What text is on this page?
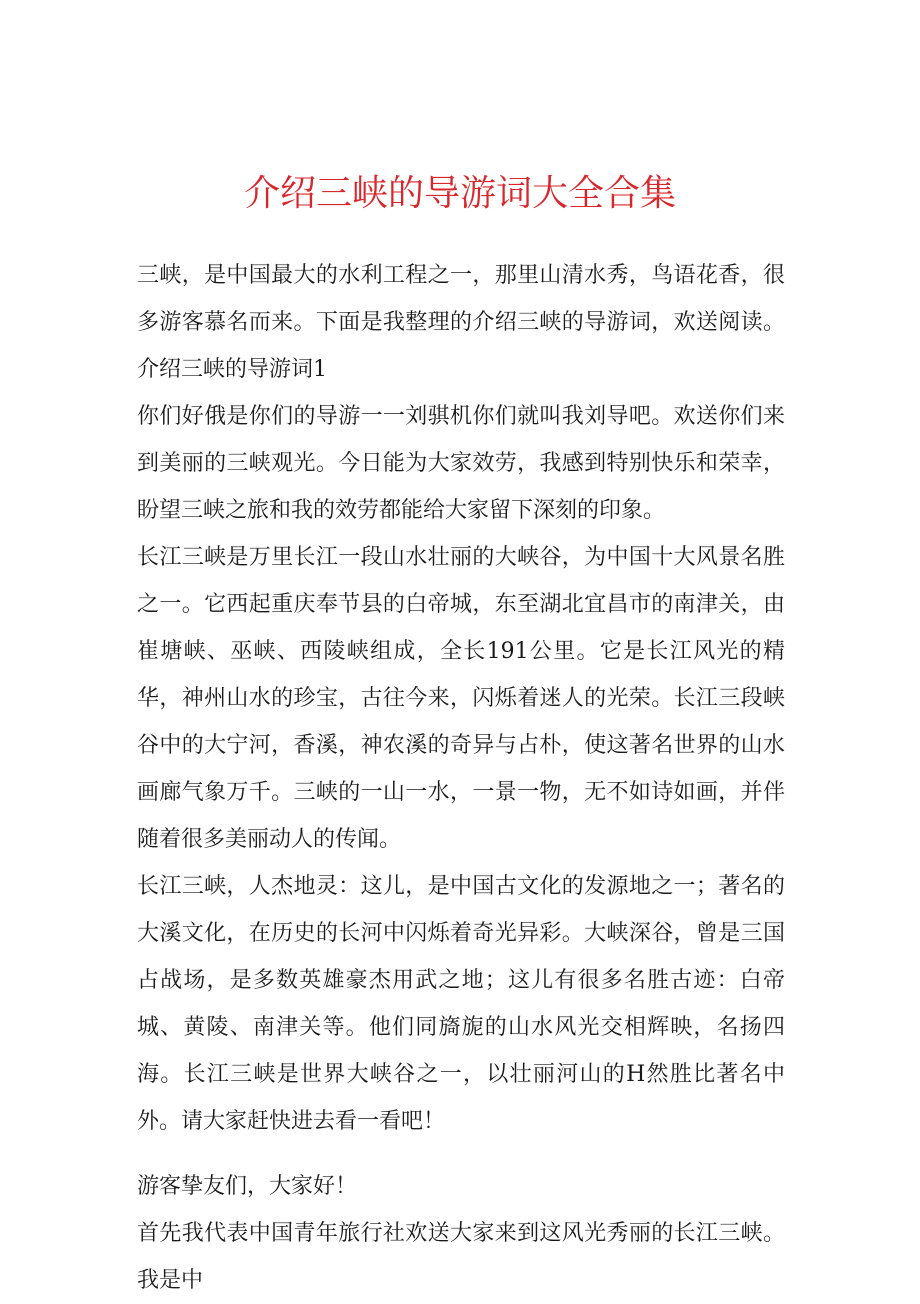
介绍三峡的导游词大全合集

三峡，是中国最大的水利工程之一，那里山清水秀，鸟语花香，很多游客慕名而来。下面是我整理的介绍三峡的导游词，欢送阅读。介绍三峡的导游词1

你们好俄是你们的导游一一刘骐机你们就叫我刘导吧。欢送你们来到美丽的三峡观光。今日能为大家效劳，我感到特别快乐和荣幸，盼望三峡之旅和我的效劳都能给大家留下深刻的印象。

长江三峡是万里长江一段山水壮丽的大峡谷，为中国十大风景名胜之一。它西起重庆奉节县的白帝城，东至湖北宜昌市的南津关，由崔塘峡、巫峡、西陵峡组成，全长191公里。它是长江风光的精华，神州山水的珍宝，古往今来，闪烁着迷人的光荣。长江三段峡谷中的大宁河，香溪，神农溪的奇异与占朴，使这著名世界的山水画廊气象万千。三峡的一山一水，一景一物，无不如诗如画，并伴随着很多美丽动人的传闻。

长江三峡，人杰地灵：这儿，是中国古文化的发源地之一；著名的大溪文化，在历史的长河中闪烁着奇光异彩。大峡深谷，曾是三国占战场，是多数英雄豪杰用武之地；这儿有很多名胜古迹：白帝城、黄陵、南津关等。他们同旖旎的山水风光交相辉映，名扬四海。长江三峡是世界大峡谷之一，以壮丽河山的H然胜比著名中外。请大家赶快进去看一看吧！

游客挚友们，大家好！

首先我代表中国青年旅行社欢送大家来到这风光秀丽的长江三峡。我是中
